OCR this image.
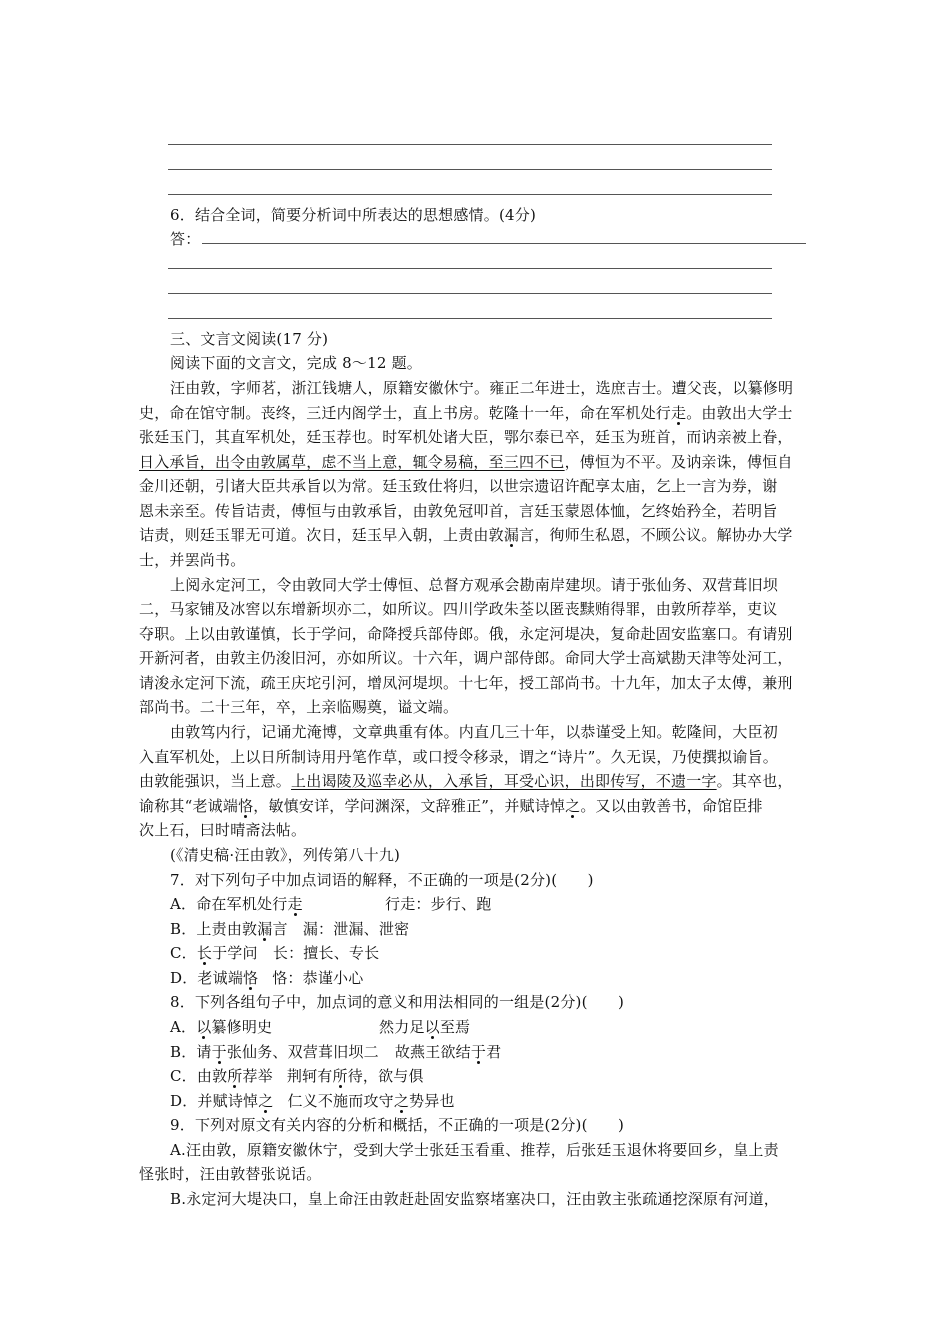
6．结合全词，简要分析词中所表达的思想感情。(4分)
答：
三、文言文阅读(17 分)
阅读下面的文言文，完成 8～12 题。
汪由敦，字师茗，浙江钱塘人，原籍安徽休宁。雍正二年进士，选庶吉士。遭父丧，以纂修明
史，命在馆守制。丧终，三迁内阁学士，直上书房。乾隆十一年，命在军机处行走。由敦出大学士
张廷玉门，其直军机处，廷玉荐也。时军机处诸大臣，鄂尔泰已卒，廷玉为班首，而讷亲被上眷，
日入承旨，出令由敦属草，虑不当上意，辄令易稿，至三四不已，傅恒为不平。及讷亲诛，傅恒自
金川还朝，引诸大臣共承旨以为常。廷玉致仕将归，以世宗遗诏许配享太庙，乞上一言为券，谢
恩未亲至。传旨诘责，傅恒与由敦承旨，由敦免冠叩首，言廷玉蒙恩体恤，乞终始矜全，若明旨
诘责，则廷玉罪无可道。次日，廷玉早入朝，上责由敦漏言，徇师生私恩，不顾公议。解协办大学
士，并罢尚书。
上阅永定河工，令由敦同大学士傅恒、总督方观承会勘南岸建坝。请于张仙务、双营葺旧坝
二，马家铺及冰窖以东增新坝亦二，如所议。四川学政朱荃以匿丧黩贿得罪，由敦所荐举，吏议
夺职。上以由敦谨慎，长于学问，命降授兵部侍郎。俄，永定河堤决，复命赴固安监塞口。有请别
开新河者，由敦主仍浚旧河，亦如所议。十六年，调户部侍郎。命同大学士高斌勘天津等处河工，
请浚永定河下流，疏王庆坨引河，增凤河堤坝。十七年，授工部尚书。十九年，加太子太傅，兼刑
部尚书。二十三年，卒，上亲临赐奠，谥文端。
由敦笃内行，记诵尤淹博，文章典重有体。内直几三十年，以恭谨受上知。乾隆间，大臣初
入直军机处，上以日所制诗用丹笔作草，或口授令移录，谓之“诗片”。久无误，乃使撰拟谕旨。
由敦能强识，当上意。上出谒陵及巡幸必从，入承旨，耳受心识，出即传写，不遗一字。其卒也，
谕称其“老诚端恪，敏慎安详，学问渊深，文辞雅正”，并赋诗悼之。又以由敦善书，命馆臣排
次上石，曰时晴斋法帖。
(《清史稿·汪由敦》，列传第八十九)
7．对下列句子中加点词语的解释，不正确的一项是(2分)(　　)
A．命在军机处行走	行走：步行、跑
B．上责由敦漏言　漏：泄漏、泄密
C．长于学问　长：擅长、专长
D．老诚端恪 恪：恭谨小心
8．下列各组句子中，加点词的意义和用法相同的一组是(2分)(　　)
A．以纂修明史	然力足以至焉
B．请于张仙务、双营葺旧坝二 故燕王欲结于君
C．由敦所荐举 荆轲有所待，欲与俱
D．并赋诗悼之 仁义不施而攻守之势异也
9．下列对原文有关内容的分析和概括，不正确的一项是(2分)(　　)
A.汪由敦，原籍安徽休宁，受到大学士张廷玉看重、推荐，后张廷玉退休将要回乡，皇上责
怪张时，汪由敦替张说话。
B.永定河大堤决口，皇上命汪由敦赶赴固安监察堵塞决口，汪由敦主张疏通挖深原有河道，
